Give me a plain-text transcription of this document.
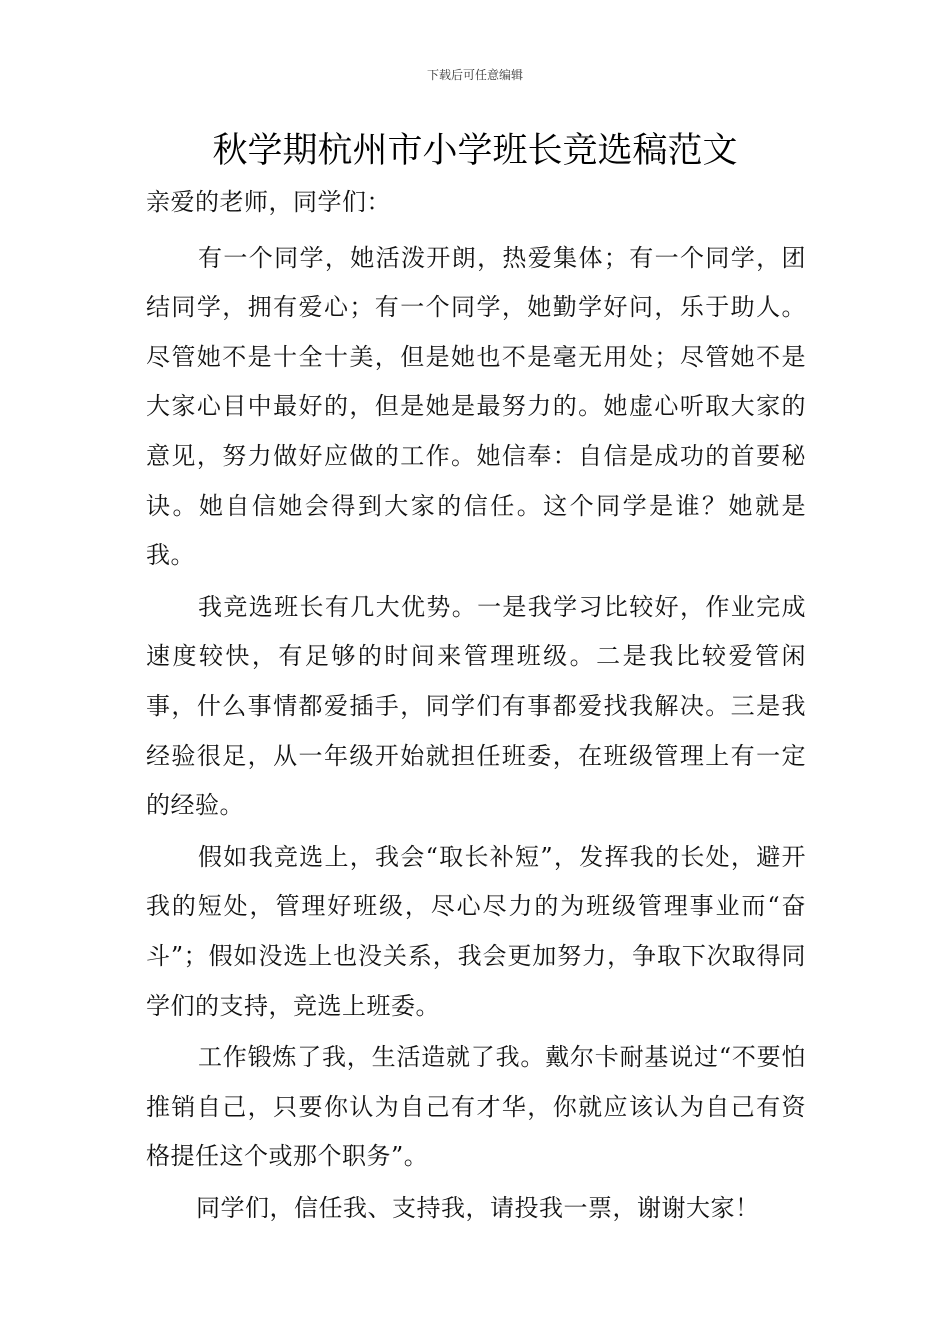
下载后可任意编辑
秋学期杭州市小学班长竞选稿范文

亲爱的老师，同学们：

有一个同学，她活泼开朗，热爱集体；有一个同学，团结同学，拥有爱心；有一个同学，她勤学好问，乐于助人。尽管她不是十全十美，但是她也不是毫无用处；尽管她不是大家心目中最好的，但是她是最努力的。她虚心听取大家的意见，努力做好应做的工作。她信奉：自信是成功的首要秘诀。她自信她会得到大家的信任。这个同学是谁？她就是我。

我竞选班长有几大优势。一是我学习比较好，作业完成速度较快，有足够的时间来管理班级。二是我比较爱管闲事，什么事情都爱插手，同学们有事都爱找我解决。三是我经验很足，从一年级开始就担任班委，在班级管理上有一定的经验。

假如我竞选上，我会“取长补短”，发挥我的长处，避开我的短处，管理好班级，尽心尽力的为班级管理事业而“奋斗”；假如没选上也没关系，我会更加努力，争取下次取得同学们的支持，竞选上班委。

工作锻炼了我，生活造就了我。戴尔卡耐基说过“不要怕推销自己，只要你认为自己有才华，你就应该认为自己有资格提任这个或那个职务”。

同学们，信任我、支持我，请投我一票，谢谢大家！
